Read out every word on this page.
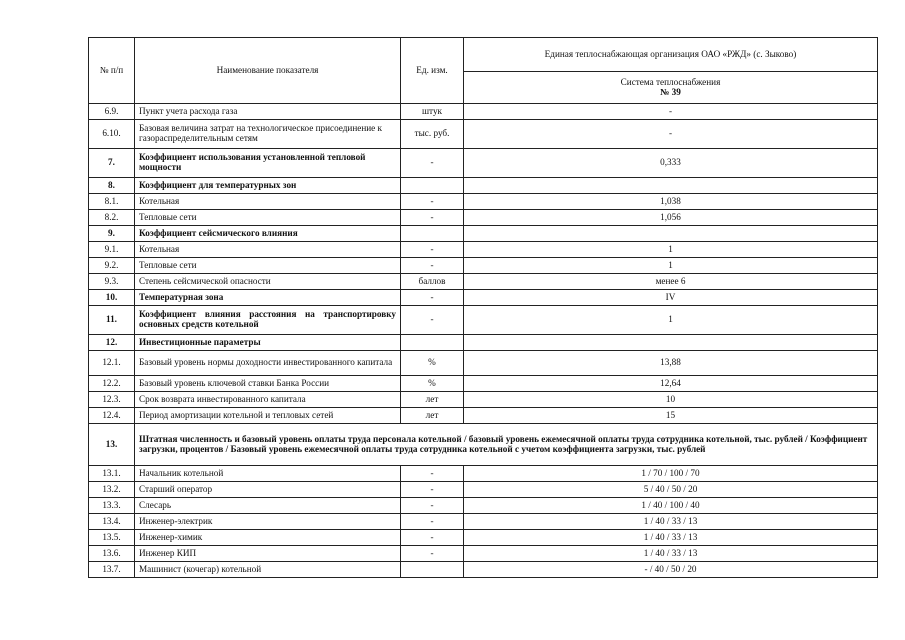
№ п/п	Наименование показателя	Ед. изм.	Единая теплоснабжающая организация ОАО «РЖД» (с. Зыково)

			Система теплоснабжения
№ 39

6.9.	Пункт учета расхода газа	штук	-
6.10.	Базовая величина затрат на технологическое присоединение к газораспределительным сетям	тыс. руб.	-
7.	Коэффициент использования установленной тепловой мощности	-	0,333
8.	Коэффициент для температурных зон		
8.1.	Котельная	-	1,038
8.2.	Тепловые сети	-	1,056
9.	Коэффициент сейсмического влияния		
9.1.	Котельная	-	1
9.2.	Тепловые сети	-	1
9.3.	Степень сейсмической опасности	баллов	менее 6
10.	Температурная зона	-	IV
11.	Коэффициент влияния расстояния на транспортировку основных средств котельной	-	1
12.	Инвестиционные параметры		
12.1.	Базовый уровень нормы доходности инвестированного капитала	%	13,88
12.2.	Базовый уровень ключевой ставки Банка России	%	12,64
12.3.	Срок возврата инвестированного капитала	лет	10
12.4.	Период амортизации котельной и тепловых сетей	лет	15
13.	Штатная численность и базовый уровень оплаты труда персонала котельной / базовый уровень ежемесячной оплаты труда сотрудника котельной, тыс. рублей / Коэффициент загрузки, процентов / Базовый уровень ежемесячной оплаты труда сотрудника котельной с учетом коэффициента загрузки, тыс. рублей		
13.1.	Начальник котельной	-	1 / 70 / 100 / 70
13.2.	Старший оператор	-	5 / 40 / 50 / 20
13.3.	Слесарь	-	1 / 40 / 100 / 40
13.4.	Инженер-электрик	-	1 / 40 / 33 / 13
13.5.	Инженер-химик	-	1 / 40 / 33 / 13
13.6.	Инженер КИП	-	1 / 40 / 33 / 13
13.7.	Машинист (кочегар) котельной		- / 40 / 50 / 20
